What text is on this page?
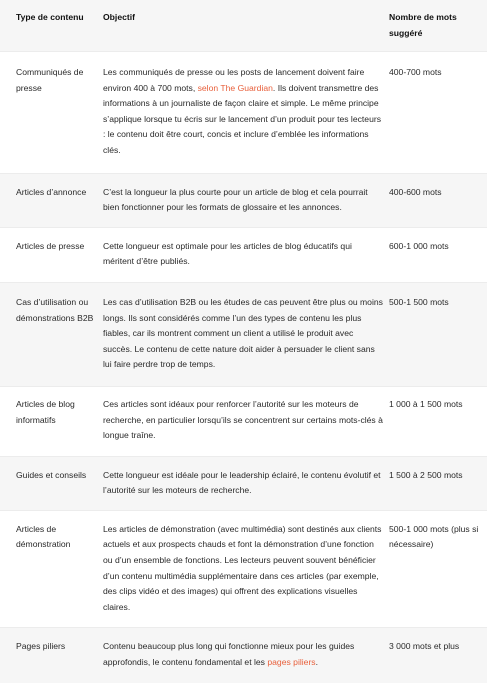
Type de contenu	Objectif	Nombre de mots suggéré
Communiqués de presse	Les communiqués de presse ou les posts de lancement doivent faire environ 400 à 700 mots, selon The Guardian. Ils doivent transmettre des informations à un journaliste de façon claire et simple. Le même principe s’applique lorsque tu écris sur le lancement d’un produit pour tes lecteurs : le contenu doit être court, concis et inclure d’emblée les informations clés.	400-700 mots
Articles d’annonce	C’est la longueur la plus courte pour un article de blog et cela pourrait bien fonctionner pour les formats de glossaire et les annonces.	400-600 mots
Articles de presse	Cette longueur est optimale pour les articles de blog éducatifs qui méritent d’être publiés.	600-1 000 mots
Cas d’utilisation ou démonstrations B2B	Les cas d’utilisation B2B ou les études de cas peuvent être plus ou moins longs. Ils sont considérés comme l’un des types de contenu les plus fiables, car ils montrent comment un client a utilisé le produit avec succès. Le contenu de cette nature doit aider à persuader le client sans lui faire perdre trop de temps.	500-1 500 mots
Articles de blog informatifs	Ces articles sont idéaux pour renforcer l’autorité sur les moteurs de recherche, en particulier lorsqu’ils se concentrent sur certains mots-clés à longue traîne.	1 000 à 1 500 mots
Guides et conseils	Cette longueur est idéale pour le leadership éclairé, le contenu évolutif et l’autorité sur les moteurs de recherche.	1 500 à 2 500 mots
Articles de démonstration	Les articles de démonstration (avec multimédia) sont destinés aux clients actuels et aux prospects chauds et font la démonstration d’une fonction ou d’un ensemble de fonctions. Les lecteurs peuvent souvent bénéficier d’un contenu multimédia supplémentaire dans ces articles (par exemple, des clips vidéo et des images) qui offrent des explications visuelles claires.	500-1 000 mots (plus si nécessaire)
Pages piliers	Contenu beaucoup plus long qui fonctionne mieux pour les guides approfondis, le contenu fondamental et les pages piliers.	3 000 mots et plus
